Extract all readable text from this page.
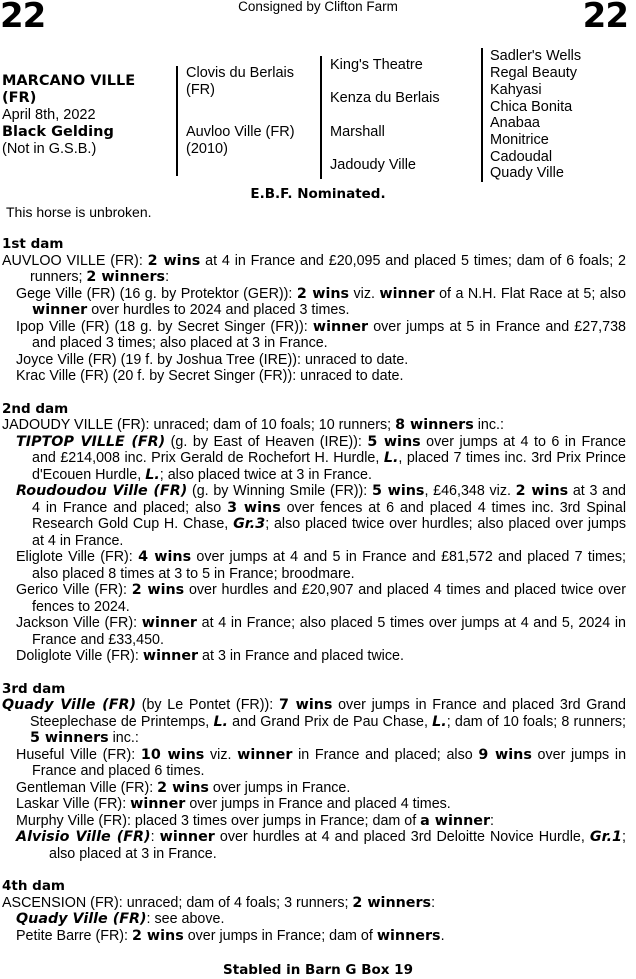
22	Consigned by Clifton Farm	22
MARCANO VILLE
(FR)
April 8th, 2022
Black Gelding
(Not in G.S.B.)
Clovis du Berlais
(FR)
Auvloo Ville (FR)
(2010)
King's Theatre
Kenza du Berlais
Marshall
Jadoudy Ville
Sadler's Wells
Regal Beauty
Kahyasi
Chica Bonita
Anabaa
Monitrice
Cadoudal
Quady Ville
E.B.F. Nominated.
This horse is unbroken.
1st dam
AUVLOO VILLE (FR): 2 wins at 4 in France and £20,095 and placed 5 times; dam of 6 foals; 2 runners; 2 winners:
Gege Ville (FR) (16 g. by Protektor (GER)): 2 wins viz. winner of a N.H. Flat Race at 5; also winner over hurdles to 2024 and placed 3 times.
Ipop Ville (FR) (18 g. by Secret Singer (FR)): winner over jumps at 5 in France and £27,738 and placed 3 times; also placed at 3 in France.
Joyce Ville (FR) (19 f. by Joshua Tree (IRE)): unraced to date.
Krac Ville (FR) (20 f. by Secret Singer (FR)): unraced to date.
2nd dam
JADOUDY VILLE (FR): unraced; dam of 10 foals; 10 runners; 8 winners inc.:
TIPTOP VILLE (FR) (g. by East of Heaven (IRE)): 5 wins over jumps at 4 to 6 in France and £214,008 inc. Prix Gerald de Rochefort H. Hurdle, L., placed 7 times inc. 3rd Prix Prince d'Ecouen Hurdle, L.; also placed twice at 3 in France.
Roudoudou Ville (FR) (g. by Winning Smile (FR)): 5 wins, £46,348 viz. 2 wins at 3 and 4 in France and placed; also 3 wins over fences at 6 and placed 4 times inc. 3rd Spinal Research Gold Cup H. Chase, Gr.3; also placed twice over hurdles; also placed over jumps at 4 in France.
Eliglote Ville (FR): 4 wins over jumps at 4 and 5 in France and £81,572 and placed 7 times; also placed 8 times at 3 to 5 in France; broodmare.
Gerico Ville (FR): 2 wins over hurdles and £20,907 and placed 4 times and placed twice over fences to 2024.
Jackson Ville (FR): winner at 4 in France; also placed 5 times over jumps at 4 and 5, 2024 in France and £33,450.
Doliglote Ville (FR): winner at 3 in France and placed twice.
3rd dam
Quady Ville (FR) (by Le Pontet (FR)): 7 wins over jumps in France and placed 3rd Grand Steeplechase de Printemps, L. and Grand Prix de Pau Chase, L.; dam of 10 foals; 8 runners; 5 winners inc.:
Huseful Ville (FR): 10 wins viz. winner in France and placed; also 9 wins over jumps in France and placed 6 times.
Gentleman Ville (FR): 2 wins over jumps in France.
Laskar Ville (FR): winner over jumps in France and placed 4 times.
Murphy Ville (FR): placed 3 times over jumps in France; dam of a winner:
Alvisio Ville (FR): winner over hurdles at 4 and placed 3rd Deloitte Novice Hurdle, Gr.1; also placed at 3 in France.
4th dam
ASCENSION (FR): unraced; dam of 4 foals; 3 runners; 2 winners:
Quady Ville (FR): see above.
Petite Barre (FR): 2 wins over jumps in France; dam of winners.
Stabled in Barn G Box 19
